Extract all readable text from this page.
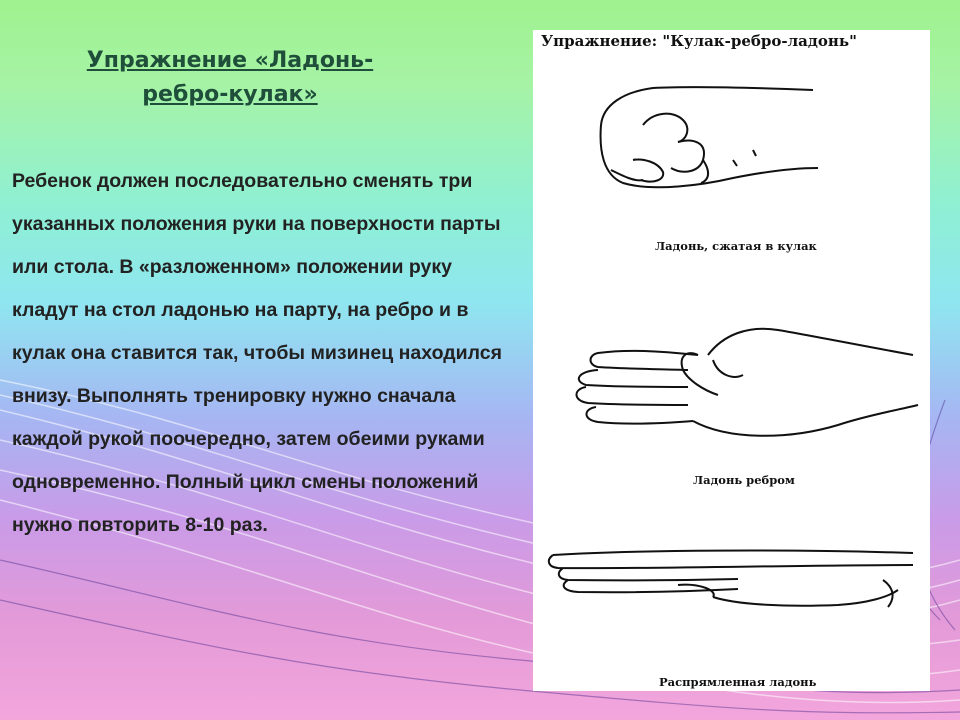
Упражнение «Ладонь-ребро-кулак»
Ребенок должен последовательно сменять три указанных положения руки на поверхности парты или стола. В «разложенном» положении руку кладут на стол ладонью на парту, на ребро и в кулак она ставится так, чтобы мизинец находился внизу. Выполнять тренировку нужно сначала каждой рукой поочередно, затем обеими руками одновременно. Полный цикл смены положений нужно повторить 8-10 раз.
Упражнение: "Кулак-ребро-ладонь"
Ладонь, сжатая в кулак
Ладонь ребром
Распрямленная ладонь
